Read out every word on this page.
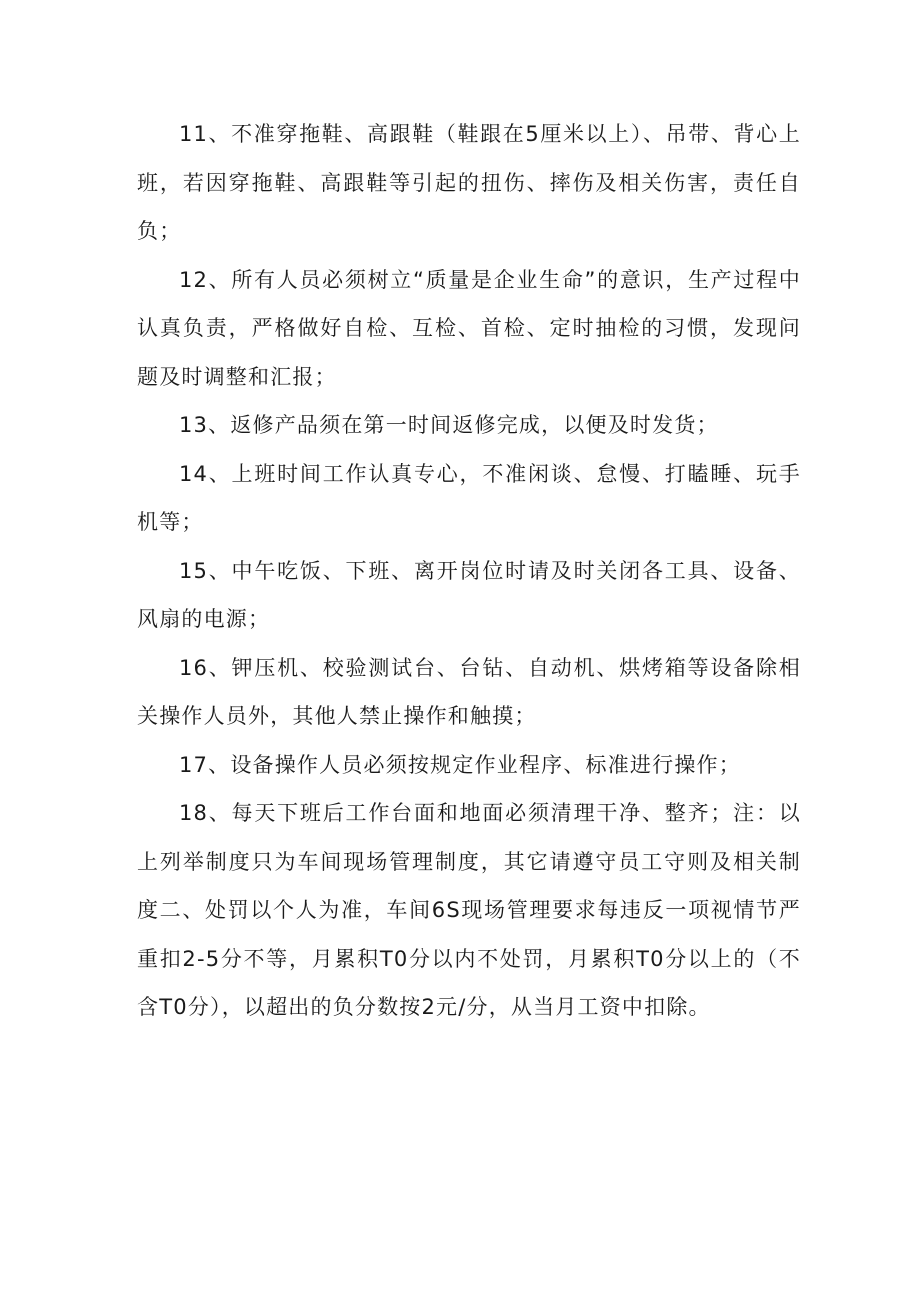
11、不准穿拖鞋、高跟鞋（鞋跟在5厘米以上）、吊带、背心上班，若因穿拖鞋、高跟鞋等引起的扭伤、摔伤及相关伤害，责任自负；

12、所有人员必须树立“质量是企业生命”的意识，生产过程中认真负责，严格做好自检、互检、首检、定时抽检的习惯，发现问题及时调整和汇报；

13、返修产品须在第一时间返修完成，以便及时发货；

14、上班时间工作认真专心，不准闲谈、怠慢、打瞌睡、玩手机等；

15、中午吃饭、下班、离开岗位时请及时关闭各工具、设备、风扇的电源；

16、钾压机、校验测试台、台钻、自动机、烘烤箱等设备除相关操作人员外，其他人禁止操作和触摸；

17、设备操作人员必须按规定作业程序、标准进行操作；

18、每天下班后工作台面和地面必须清理干净、整齐；注：以上列举制度只为车间现场管理制度，其它请遵守员工守则及相关制度二、处罚以个人为准，车间6S现场管理要求每违反一项视情节严重扣2-5分不等，月累积T0分以内不处罚，月累积T0分以上的（不含T0分），以超出的负分数按2元/分，从当月工资中扣除。
